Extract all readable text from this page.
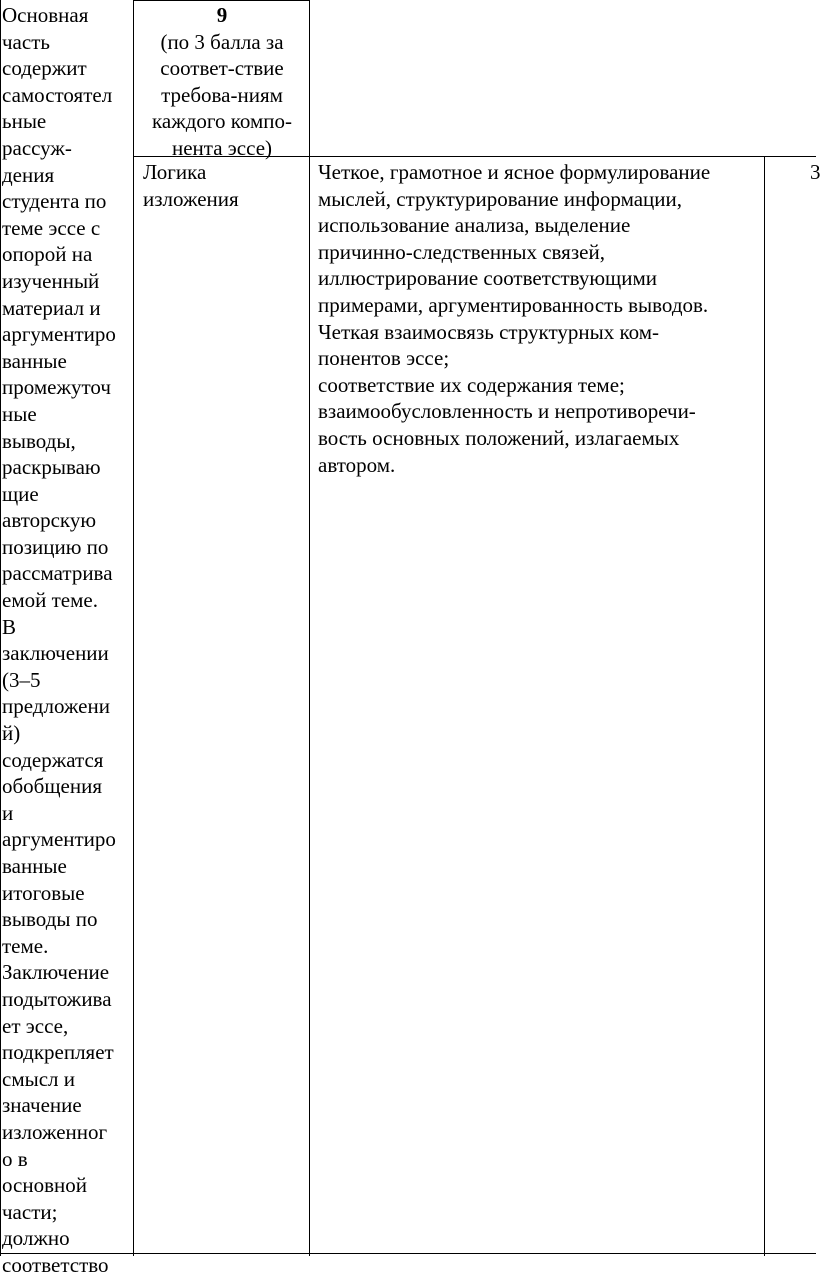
Основная
часть
содержит
самостоятел
ьные
рассуж-
дения
студента по
теме эссе с
опорой на
изученный
материал и
аргументиро
ванные
промежуточ
ные
выводы,
раскрываю
щие
авторскую
позицию по
рассматрива
емой теме.
В
заключении
(3–5
предложени
й)
содержатся
обобщения
и
аргументиро
ванные
итоговые
выводы по
теме.
Заключение
подытожива
ет эссе,
подкрепляет
смысл и
значение
изложенног
о в
основной
части;
должно
соответство
9
(по 3 балла за
соответ-ствие
требова-ниям
каждого компо-
нента эссе)
Логика
изложения
Четкое, грамотное и ясное формулирование
мыслей, структурирование информации,
использование анализа, выделение
причинно-следственных связей,
иллюстрирование соответствующими
примерами, аргументированность выводов.
Четкая взаимосвязь структурных ком-
понентов эссе;
соответствие их содержания теме;
взаимообусловленность и непротиворечи-
вость основных положений, излагаемых
автором.
3
